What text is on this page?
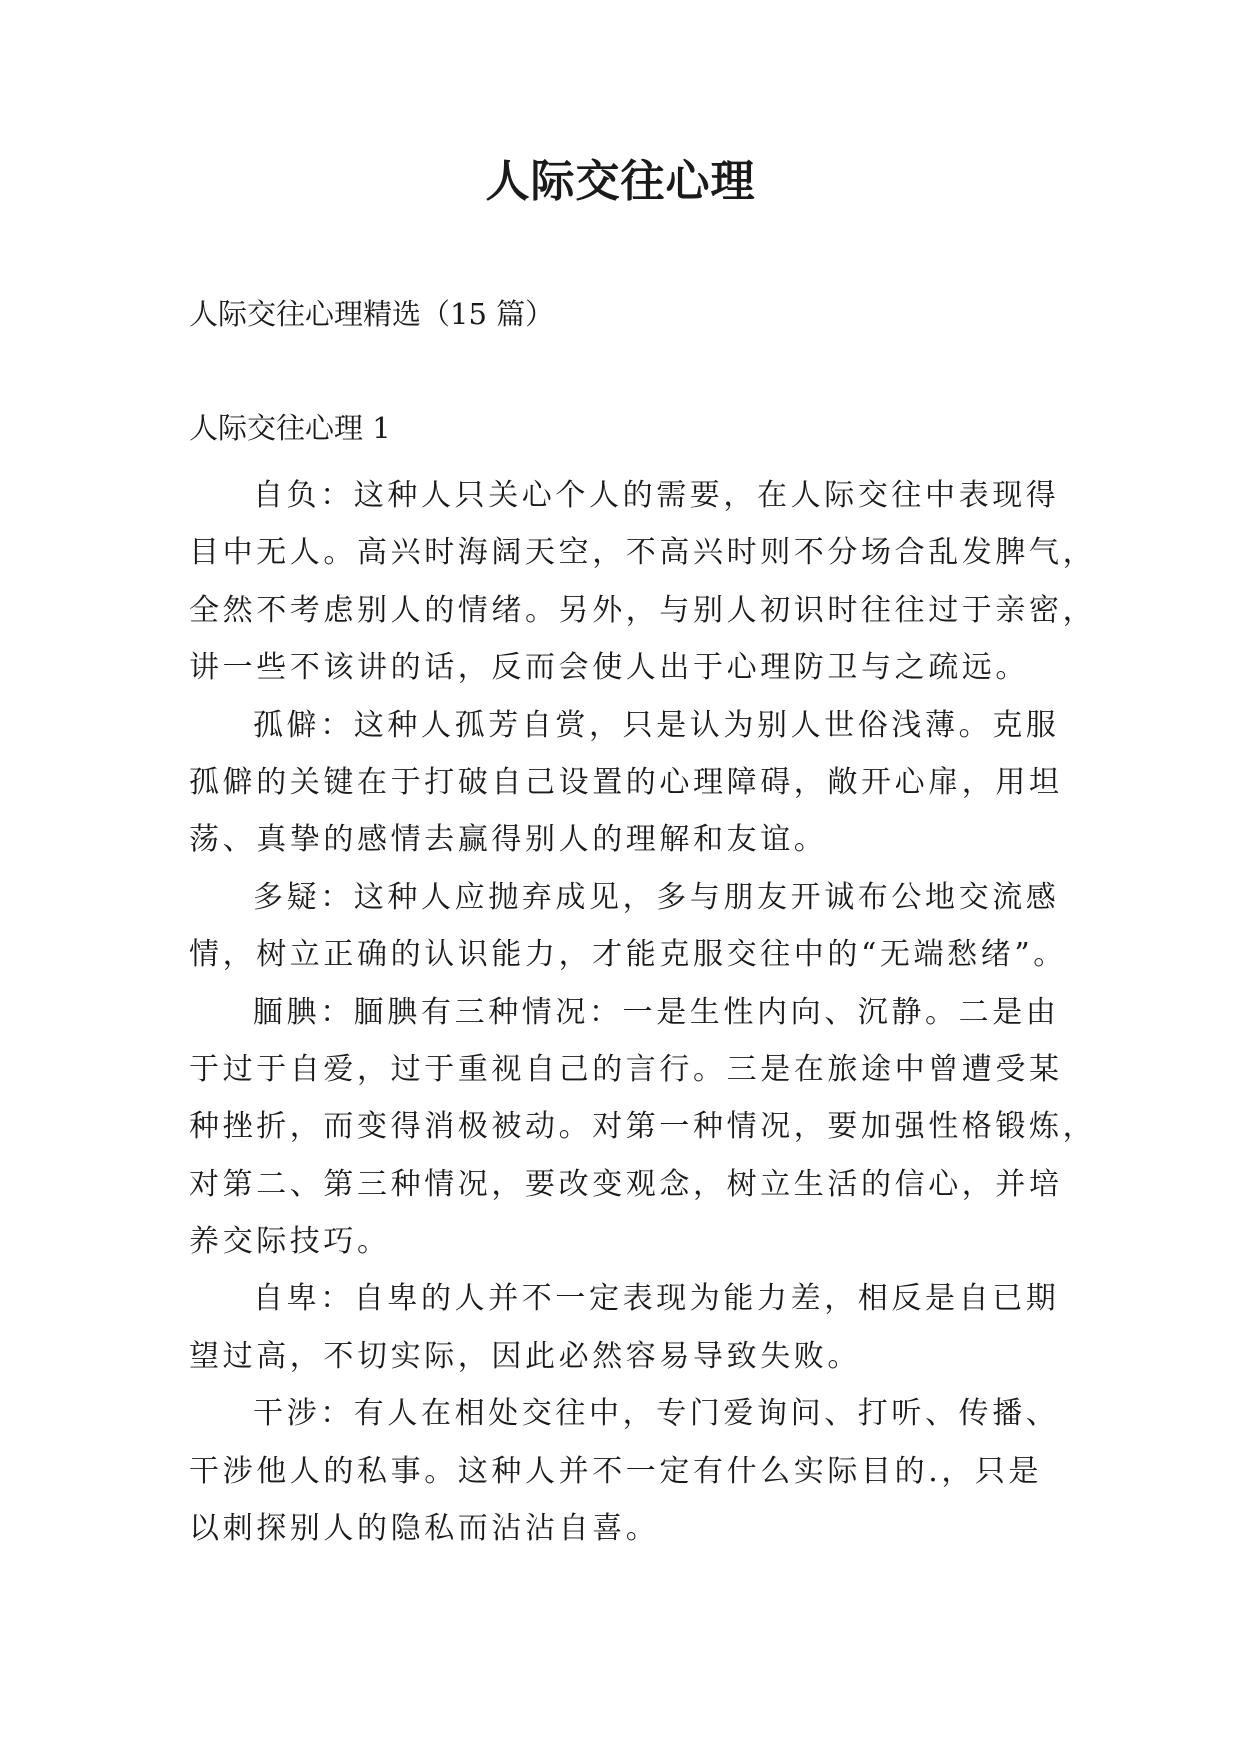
人际交往心理

人际交往心理精选（15 篇）

人际交往心理 1

自负：这种人只关心个人的需要，在人际交往中表现得
目中无人。高兴时海阔天空，不高兴时则不分场合乱发脾气，
全然不考虑别人的情绪。另外，与别人初识时往往过于亲密，
讲一些不该讲的话，反而会使人出于心理防卫与之疏远。
孤僻：这种人孤芳自赏，只是认为别人世俗浅薄。克服
孤僻的关键在于打破自己设置的心理障碍，敞开心扉，用坦
荡、真挚的感情去赢得别人的理解和友谊。
多疑：这种人应抛弃成见，多与朋友开诚布公地交流感
情，树立正确的认识能力，才能克服交往中的“无端愁绪”。
腼腆：腼腆有三种情况：一是生性内向、沉静。二是由
于过于自爱，过于重视自己的言行。三是在旅途中曾遭受某
种挫折，而变得消极被动。对第一种情况，要加强性格锻炼，
对第二、第三种情况，要改变观念，树立生活的信心，并培
养交际技巧。
自卑：自卑的人并不一定表现为能力差，相反是自已期
望过高，不切实际，因此必然容易导致失败。
干涉：有人在相处交往中，专门爱询问、打听、传播、
干涉他人的私事。这种人并不一定有什么实际目的.，只是
以刺探别人的隐私而沾沾自喜。
